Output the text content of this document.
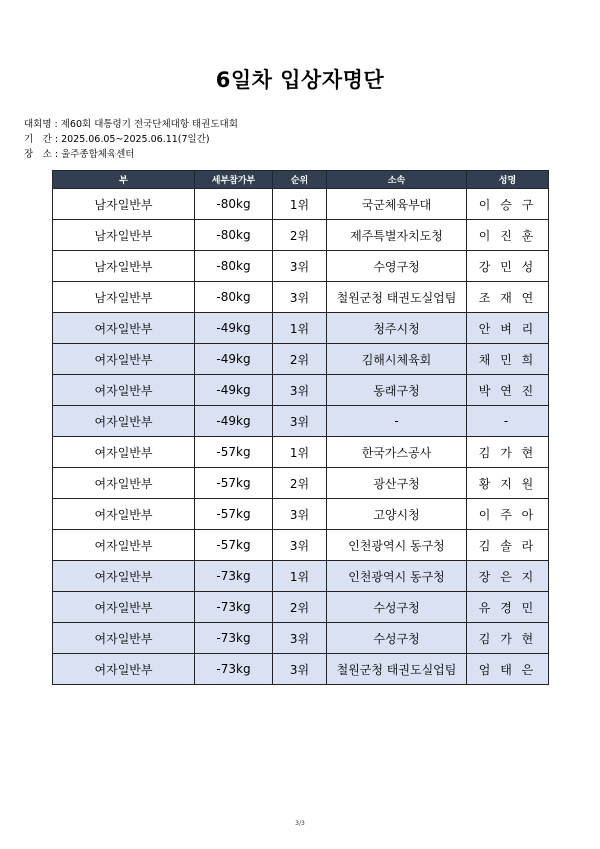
6일차 입상자명단
대회명 : 제60회 대통령기 전국단체대항 태권도대회
기　간 : 2025.06.05~2025.06.11(7일간)
장　소 : 울주종합체육센터
부	세부참가부	순위	소속	성명
남자일반부	-80kg	1위	국군체육부대	이 승 구
남자일반부	-80kg	2위	제주특별자치도청	이 진 훈
남자일반부	-80kg	3위	수영구청	강 민 성
남자일반부	-80kg	3위	철원군청 태권도실업팀	조 재 연
여자일반부	-49kg	1위	청주시청	안 벼 리
여자일반부	-49kg	2위	김해시체육회	채 민 희
여자일반부	-49kg	3위	동래구청	박 연 진
여자일반부	-49kg	3위	-	-
여자일반부	-57kg	1위	한국가스공사	김 가 현
여자일반부	-57kg	2위	광산구청	황 지 원
여자일반부	-57kg	3위	고양시청	이 주 아
여자일반부	-57kg	3위	인천광역시 동구청	김 솔 라
여자일반부	-73kg	1위	인천광역시 동구청	장 은 지
여자일반부	-73kg	2위	수성구청	유 경 민
여자일반부	-73kg	3위	수성구청	김 가 현
여자일반부	-73kg	3위	철원군청 태권도실업팀	엄 태 은
3/3
